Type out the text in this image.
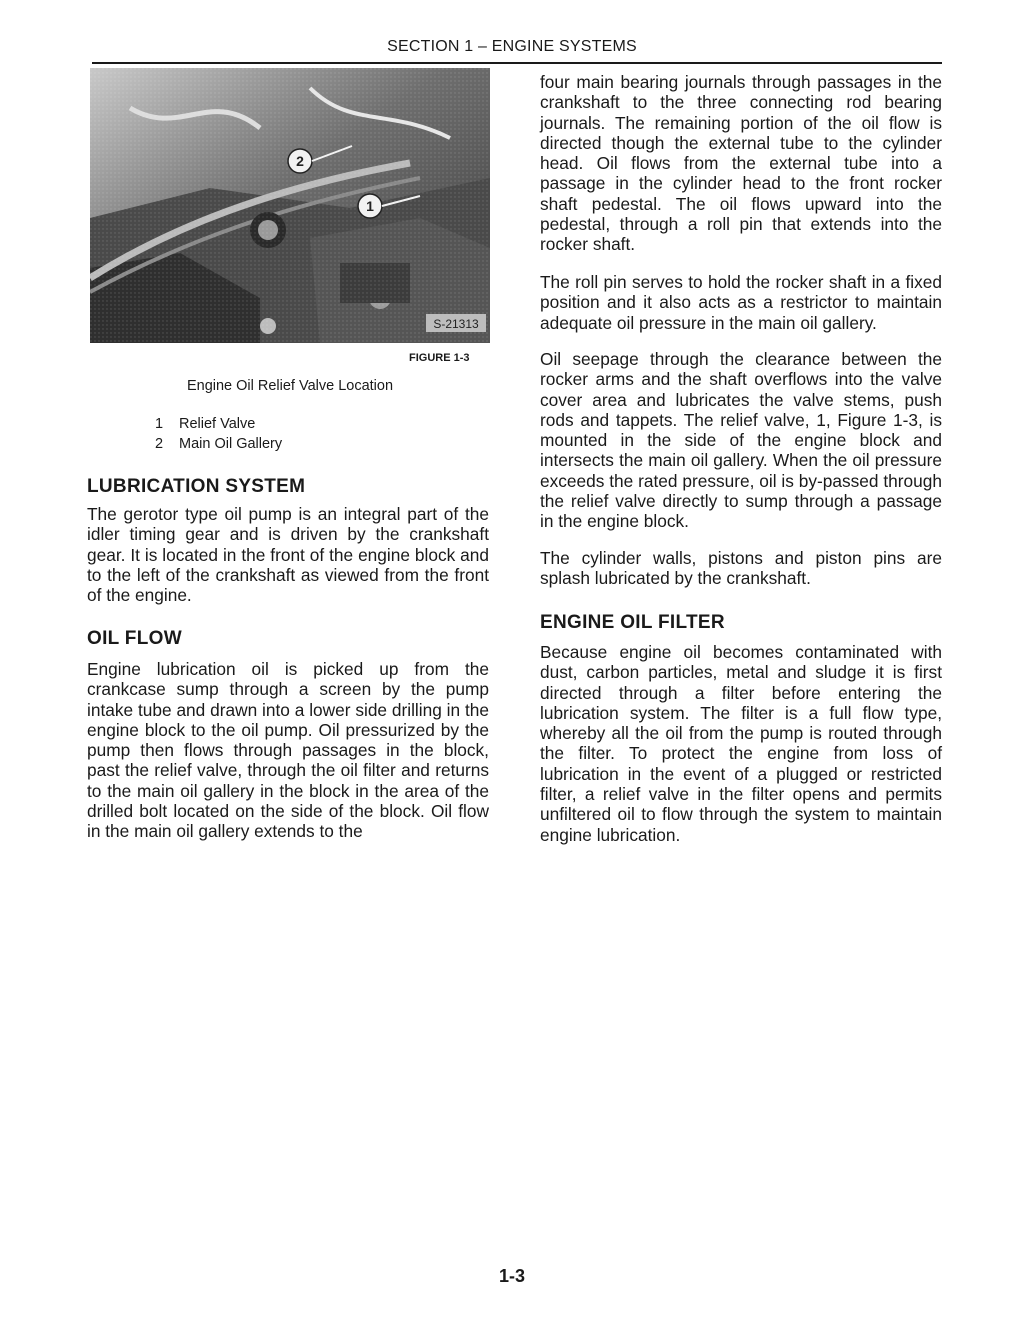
SECTION 1 – ENGINE SYSTEMS
2
1
S-21313
FIGURE 1-3
Engine Oil Relief Valve Location
1 Relief Valve
2 Main Oil Gallery
LUBRICATION SYSTEM
The gerotor type oil pump is an integral part of the idler timing gear and is driven by the crankshaft gear. It is located in the front of the engine block and to the left of the crankshaft as viewed from the front of the engine.
OIL FLOW
Engine lubrication oil is picked up from the crankcase sump through a screen by the pump intake tube and drawn into a lower side drilling in the engine block to the oil pump. Oil pressurized by the pump then flows through passages in the block, past the relief valve, through the oil filter and returns to the main oil gallery in the block in the area of the drilled bolt located on the side of the block. Oil flow in the main oil gallery extends to the
four main bearing journals through passages in the crankshaft to the three connecting rod bearing journals. The remaining portion of the oil flow is directed though the external tube to the cylinder head. Oil flows from the external tube into a passage in the cylinder head to the front rocker shaft pedestal. The oil flows upward into the pedestal, through a roll pin that extends into the rocker shaft.
The roll pin serves to hold the rocker shaft in a fixed position and it also acts as a restrictor to maintain adequate oil pressure in the main oil gallery.
Oil seepage through the clearance between the rocker arms and the shaft overflows into the valve cover area and lubricates the valve stems, push rods and tappets. The relief valve, 1, Figure 1-3, is mounted in the side of the engine block and intersects the main oil gallery. When the oil pressure exceeds the rated pressure, oil is by-passed through the relief valve directly to sump through a passage in the engine block.
The cylinder walls, pistons and piston pins are splash lubricated by the crankshaft.
ENGINE OIL FILTER
Because engine oil becomes contaminated with dust, carbon particles, metal and sludge it is first directed through a filter before entering the lubrication system. The filter is a full flow type, whereby all the oil from the pump is routed through the filter. To protect the engine from loss of lubrication in the event of a plugged or restricted filter, a relief valve in the filter opens and permits unfiltered oil to flow through the system to maintain engine lubrication.
1-3
